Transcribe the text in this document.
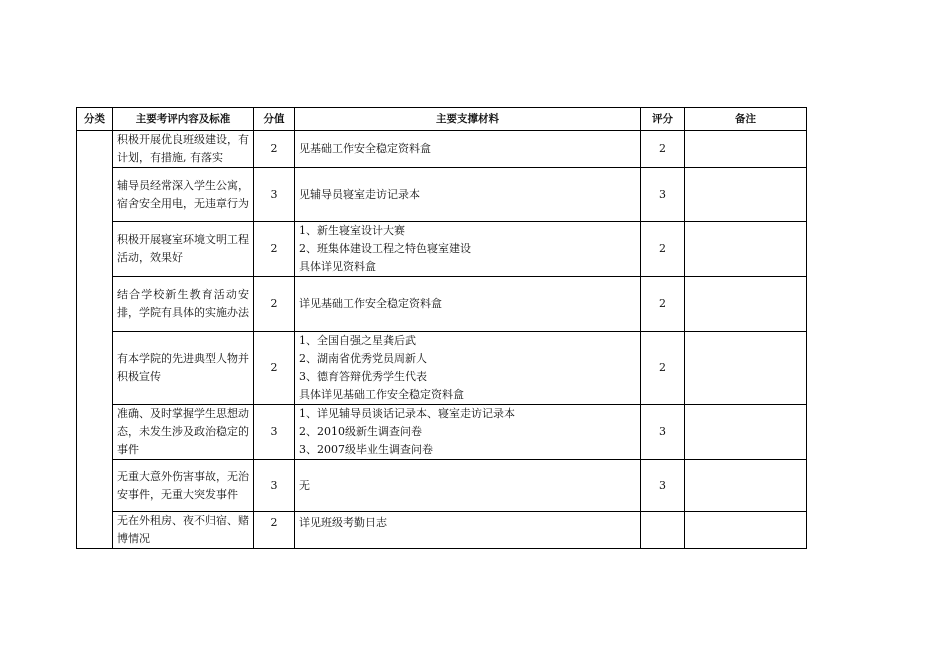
分类	主要考评内容及标准	分值	主要支撑材料	评分	备注
	积极开展优良班级建设，有计划，有措施, 有落实	2	见基础工作安全稳定资料盒	2	
	辅导员经常深入学生公寓，宿舍安全用电，无违章行为	3	见辅导员寝室走访记录本	3	
	积极开展寝室环境文明工程活动，效果好	2	1、新生寝室设计大赛
2、班集体建设工程之特色寝室建设
具体详见资料盒	2	
	结合学校新生教育活动安排，学院有具体的实施办法	2	详见基础工作安全稳定资料盒	2	
	有本学院的先进典型人物并积极宣传	2	1、全国自强之星龚后武
2、湖南省优秀党员周新人
3、德育答辩优秀学生代表
具体详见基础工作安全稳定资料盒	2	
	准确、及时掌握学生思想动态，未发生涉及政治稳定的事件	3	1、详见辅导员谈话记录本、寝室走访记录本
2、2010级新生调查问卷
3、2007级毕业生调查问卷	3	
	无重大意外伤害事故，无治安事件，无重大突发事件	3	无	3	
	无在外租房、夜不归宿、赌博情况	2	详见班级考勤日志		
